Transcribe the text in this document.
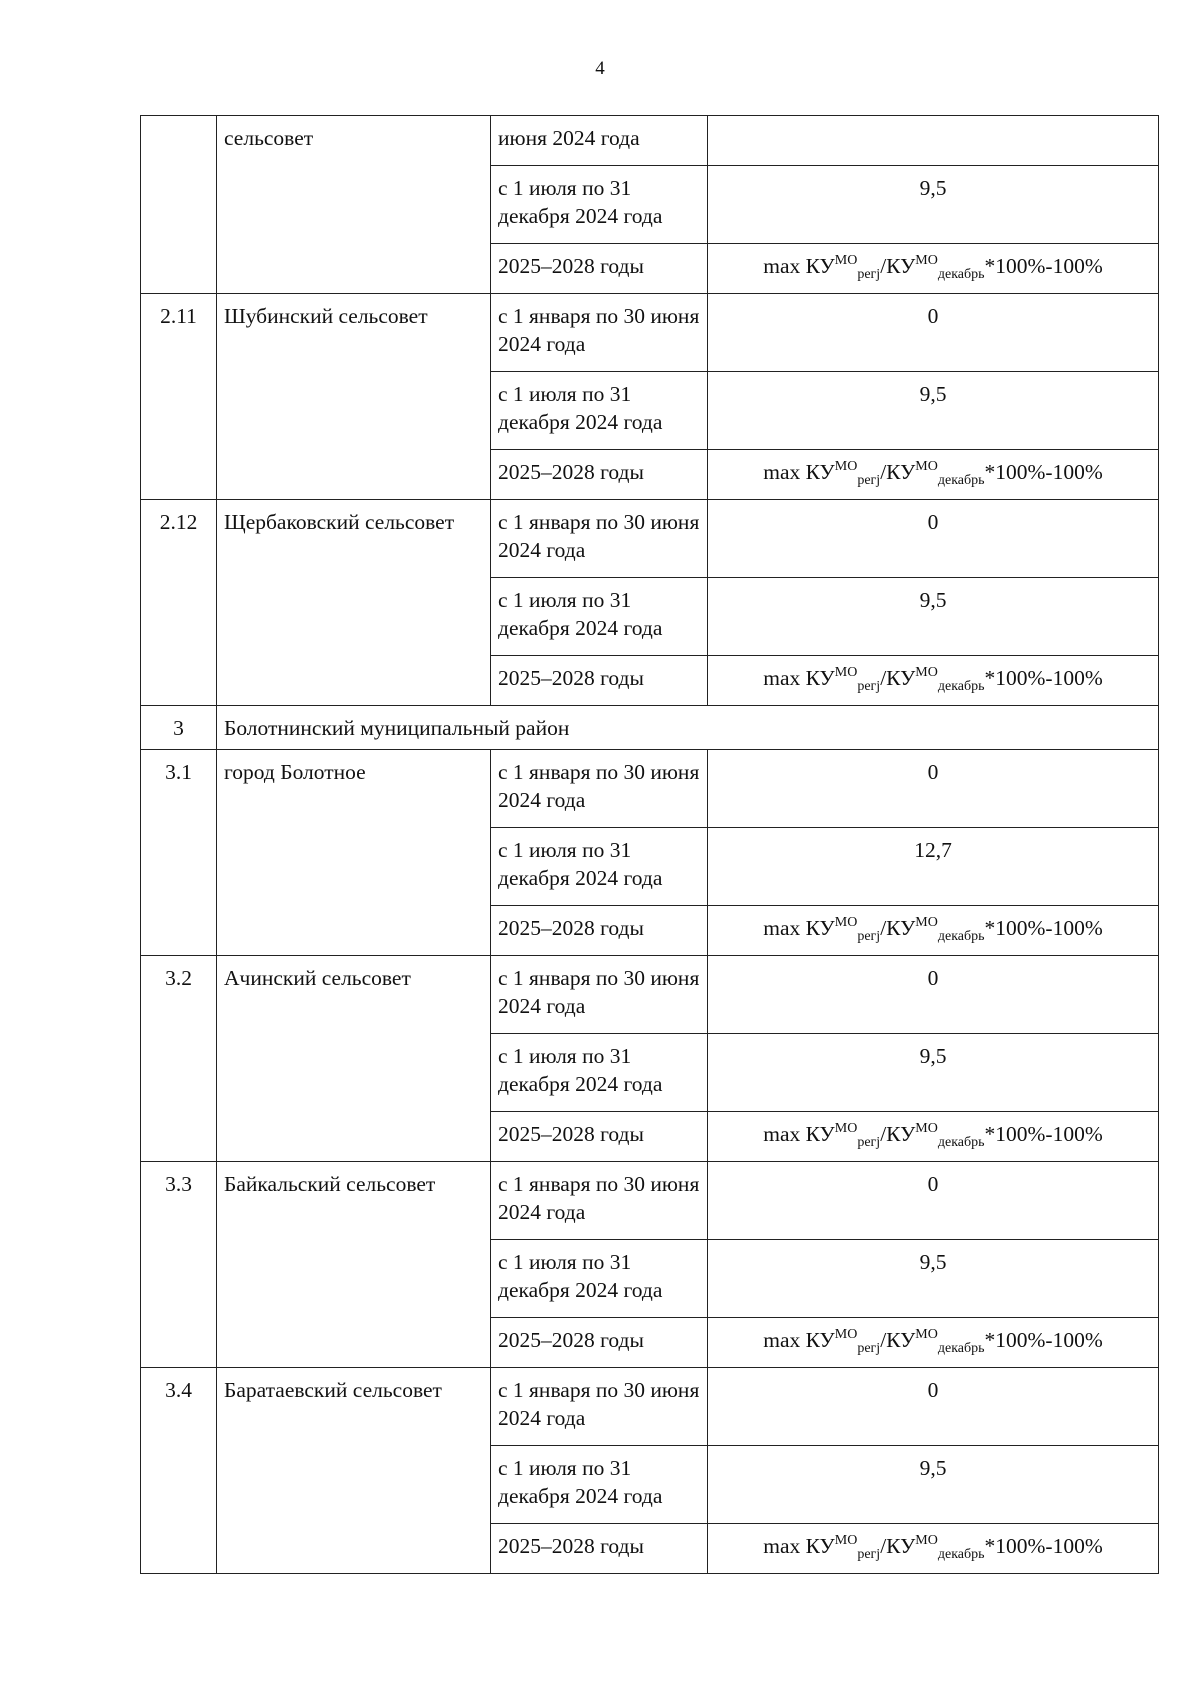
4
	сельсовет	июня 2024 года	
		с 1 июля по 31 декабря 2024 года	9,5
		2025–2028 годы	$\max КУ^{МО}_{регj}/КУ^{МО}_{декабрь}*100\%-100\%$
2.11	Шубинский сельсовет	с 1 января по 30 июня 2024 года	0
		с 1 июля по 31 декабря 2024 года	9,5
		2025–2028 годы	$\max КУ^{МО}_{регj}/КУ^{МО}_{декабрь}*100\%-100\%$
2.12	Щербаковский сельсовет	с 1 января по 30 июня 2024 года	0
		с 1 июля по 31 декабря 2024 года	9,5
		2025–2028 годы	$\max КУ^{МО}_{регj}/КУ^{МО}_{декабрь}*100\%-100\%$
3	Болотнинский муниципальный район		
3.1	город Болотное	с 1 января по 30 июня 2024 года	0
		с 1 июля по 31 декабря 2024 года	12,7
		2025–2028 годы	$\max КУ^{МО}_{регj}/КУ^{МО}_{декабрь}*100\%-100\%$
3.2	Ачинский сельсовет	с 1 января по 30 июня 2024 года	0
		с 1 июля по 31 декабря 2024 года	9,5
		2025–2028 годы	$\max КУ^{МО}_{регj}/КУ^{МО}_{декабрь}*100\%-100\%$
3.3	Байкальский сельсовет	с 1 января по 30 июня 2024 года	0
		с 1 июля по 31 декабря 2024 года	9,5
		2025–2028 годы	$\max КУ^{МО}_{регj}/КУ^{МО}_{декабрь}*100\%-100\%$
3.4	Баратаевский сельсовет	с 1 января по 30 июня 2024 года	0
		с 1 июля по 31 декабря 2024 года	9,5
		2025–2028 годы	$\max КУ^{МО}_{регj}/КУ^{МО}_{декабрь}*100\%-100\%$
